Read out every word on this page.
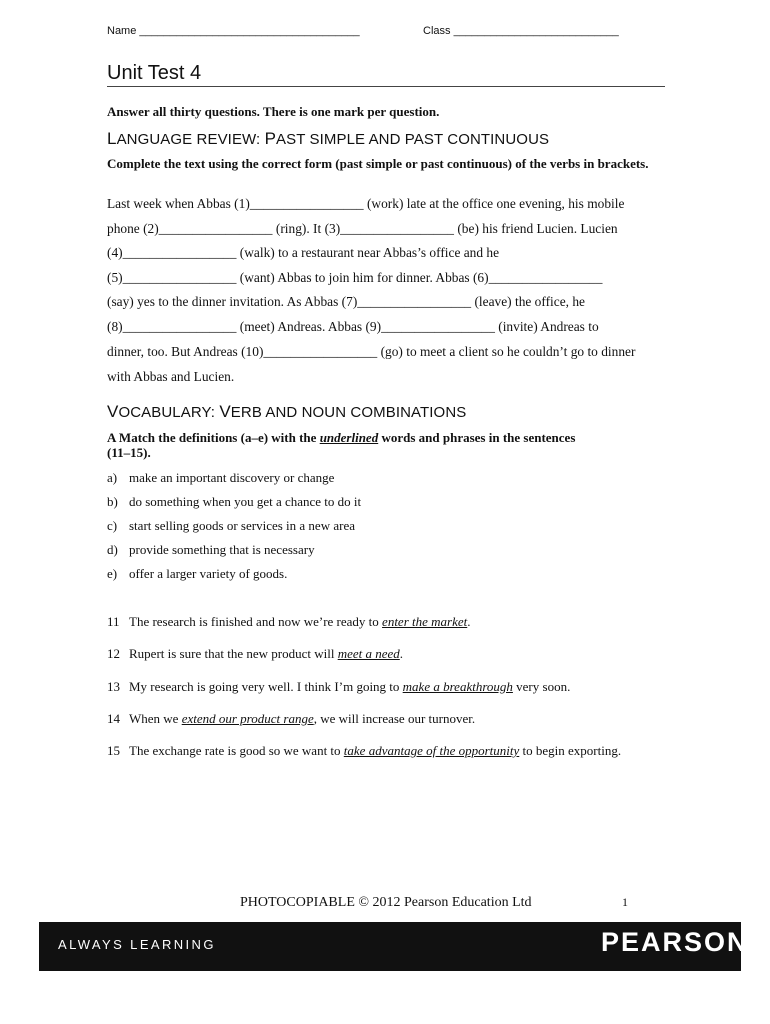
Name ____________________________________	Class ___________________________
Unit Test 4
Answer all thirty questions. There is one mark per question.
LANGUAGE REVIEW: PAST SIMPLE AND PAST CONTINUOUS
Complete the text using the correct form (past simple or past continuous) of the verbs in brackets.
Last week when Abbas (1)_________________ (work) late at the office one evening, his mobile
phone (2)_________________ (ring). It (3)_________________ (be) his friend Lucien. Lucien
(4)_________________ (walk) to a restaurant near Abbas’s office and he
(5)_________________ (want) Abbas to join him for dinner. Abbas (6)_________________
(say) yes to the dinner invitation. As Abbas (7)_________________ (leave) the office, he
(8)_________________ (meet) Andreas. Abbas (9)_________________ (invite) Andreas to
dinner, too. But Andreas (10)_________________ (go) to meet a client so he couldn’t go to dinner
with Abbas and Lucien.
VOCABULARY: VERB AND NOUN COMBINATIONS
A Match the definitions (a–e) with the underlined words and phrases in the sentences
(11–15).
a) make an important discovery or change
b) do something when you get a chance to do it
c) start selling goods or services in a new area
d) provide something that is necessary
e) offer a larger variety of goods.
11 The research is finished and now we’re ready to enter the market.
12 Rupert is sure that the new product will meet a need.
13 My research is going very well. I think I’m going to make a breakthrough very soon.
14 When we extend our product range, we will increase our turnover.
15 The exchange rate is good so we want to take advantage of the opportunity to begin exporting.
PHOTOCOPIABLE © 2012 Pearson Education Ltd	1
ALWAYS LEARNING	PEARSON
